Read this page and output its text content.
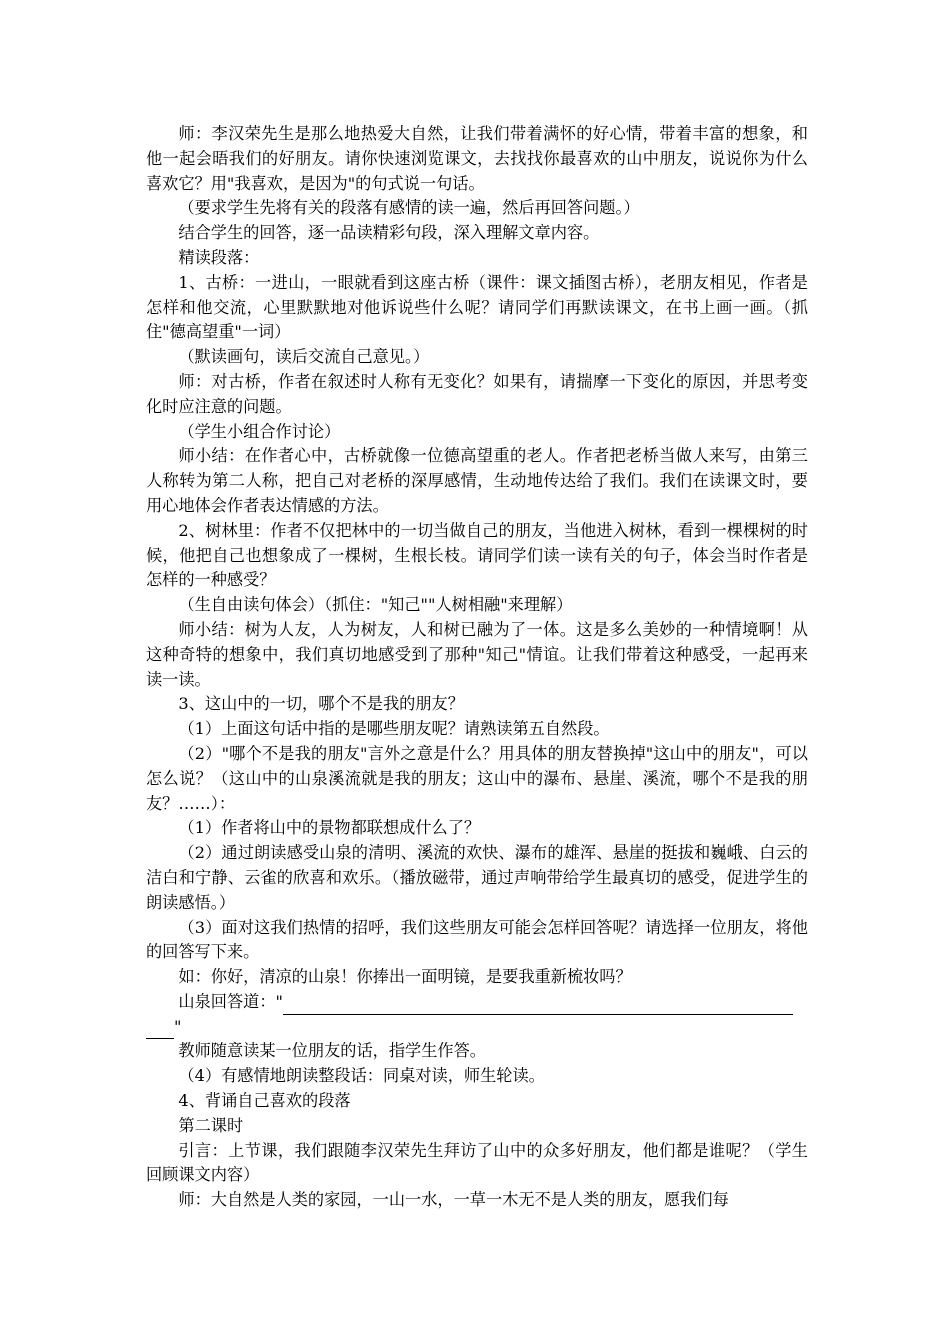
师：李汉荣先生是那么地热爱大自然，让我们带着满怀的好心情，带着丰富的想象，和他一起会晤我们的好朋友。请你快速浏览课文，去找找你最喜欢的山中朋友，说说你为什么喜欢它？用"我喜欢，是因为"的句式说一句话。

（要求学生先将有关的段落有感情的读一遍，然后再回答问题。）

结合学生的回答，逐一品读精彩句段，深入理解文章内容。

精读段落：

1、古桥：一进山，一眼就看到这座古桥（课件：课文插图古桥），老朋友相见，作者是怎样和他交流，心里默默地对他诉说些什么呢？请同学们再默读课文，在书上画一画。（抓住"德高望重"一词）

（默读画句，读后交流自己意见。）

师：对古桥，作者在叙述时人称有无变化？如果有，请揣摩一下变化的原因，并思考变化时应注意的问题。

（学生小组合作讨论）

师小结：在作者心中，古桥就像一位德高望重的老人。作者把老桥当做人来写，由第三人称转为第二人称，把自己对老桥的深厚感情，生动地传达给了我们。我们在读课文时，要用心地体会作者表达情感的方法。

2、树林里：作者不仅把林中的一切当做自己的朋友，当他进入树林，看到一棵棵树的时候，他把自己也想象成了一棵树，生根长枝。请同学们读一读有关的句子，体会当时作者是怎样的一种感受？

（生自由读句体会）（抓住："知己""人树相融"来理解）

师小结：树为人友，人为树友，人和树已融为了一体。这是多么美妙的一种情境啊！从这种奇特的想象中，我们真切地感受到了那种"知己"情谊。让我们带着这种感受，一起再来读一读。

3、这山中的一切，哪个不是我的朋友？

（1）上面这句话中指的是哪些朋友呢？请熟读第五自然段。

（2）"哪个不是我的朋友"言外之意是什么？用具体的朋友替换掉"这山中的朋友"，可以怎么说？（这山中的山泉溪流就是我的朋友；这山中的瀑布、悬崖、溪流，哪个不是我的朋友？……）：

（1）作者将山中的景物都联想成什么了？

（2）通过朗读感受山泉的清明、溪流的欢快、瀑布的雄浑、悬崖的挺拔和巍峨、白云的洁白和宁静、云雀的欣喜和欢乐。（播放磁带，通过声响带给学生最真切的感受，促进学生的朗读感悟。）

（3）面对这我们热情的招呼，我们这些朋友可能会怎样回答呢？请选择一位朋友，将他的回答写下来。

如：你好，清凉的山泉！你捧出一面明镜，是要我重新梳妆吗？

山泉回答道："
"

教师随意读某一位朋友的话，指学生作答。

（4）有感情地朗读整段话：同桌对读，师生轮读。

4、背诵自己喜欢的段落

第二课时

引言：上节课，我们跟随李汉荣先生拜访了山中的众多好朋友，他们都是谁呢？（学生回顾课文内容）

师：大自然是人类的家园，一山一水，一草一木无不是人类的朋友，愿我们每
